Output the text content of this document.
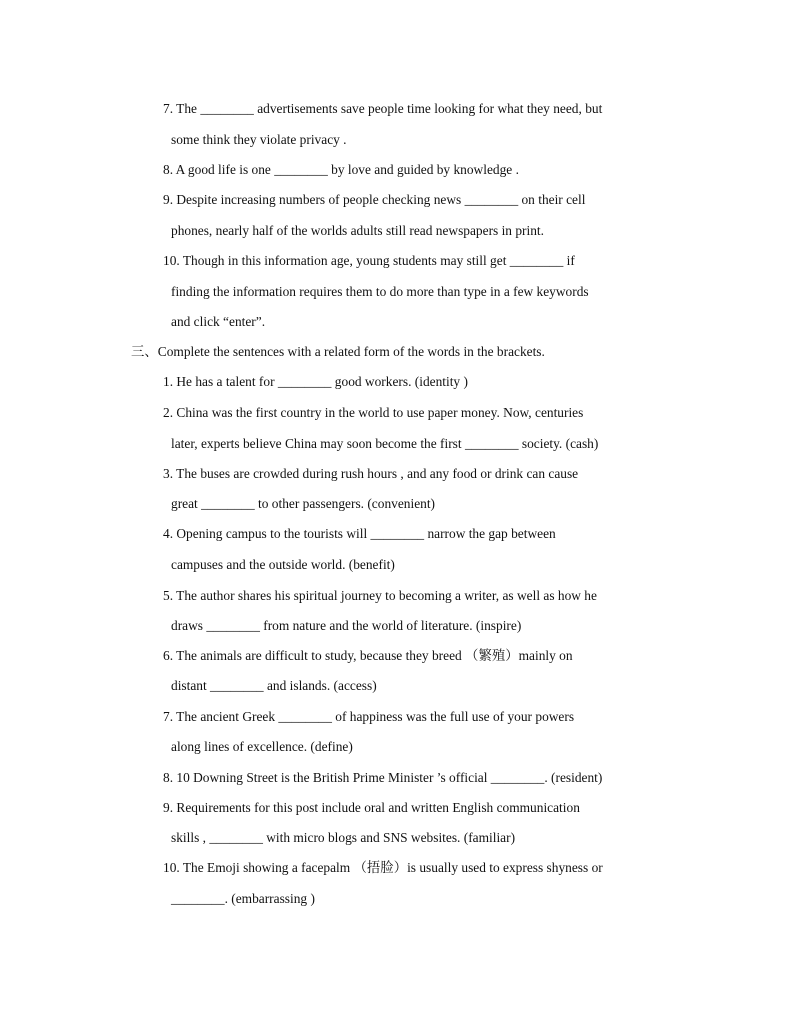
7. The ________ advertisements save people time looking for what they need, but
some think they violate privacy .
8. A good life is one ________ by love and guided by knowledge .
9. Despite increasing numbers of people checking news ________ on their cell
phones, nearly half of the worlds adults still read newspapers in print.
10. Though in this information age, young students may still get ________ if
finding the information requires them to do more than type in a few keywords
and click “enter”.
三、Complete the sentences with a related form of the words in the brackets.
1. He has a talent for ________ good workers. (identity )
2. China was the first country in the world to use paper money. Now, centuries
later, experts believe China may soon become the first ________ society. (cash)
3. The buses are crowded during rush hours , and any food or drink can cause
great ________ to other passengers. (convenient)
4. Opening campus to the tourists will ________ narrow the gap between
campuses and the outside world. (benefit)
5. The author shares his spiritual journey to becoming a writer, as well as how he
draws ________ from nature and the world of literature. (inspire)
6. The animals are difficult to study, because they breed （繁殖）mainly on
distant ________ and islands. (access)
7. The ancient Greek ________ of happiness was the full use of your powers
along lines of excellence. (define)
8. 10 Downing Street is the British Prime Minister ’s official ________. (resident)
9. Requirements for this post include oral and written English communication
skills , ________ with micro blogs and SNS websites. (familiar)
10. The Emoji showing a facepalm （捂脸）is usually used to express shyness or
________. (embarrassing )
